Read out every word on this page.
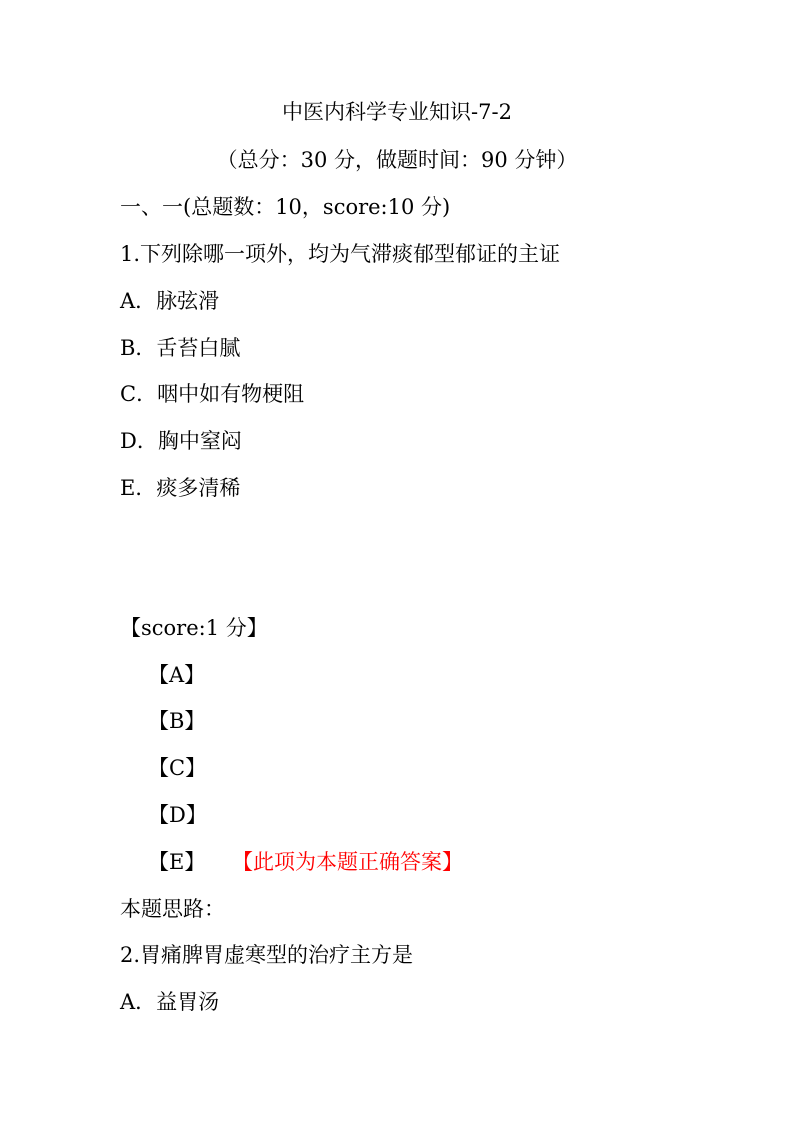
中医内科学专业知识-7-2
（总分：30 分，做题时间：90 分钟）
一、一(总题数：10，score:10 分)
1.下列除哪一项外，均为气滞痰郁型郁证的主证
A．脉弦滑
B．舌苔白腻
C．咽中如有物梗阻
D．胸中窒闷
E．痰多清稀
【score:1 分】
【A】
【B】
【C】
【D】
【E】 【此项为本题正确答案】
本题思路：
2.胃痛脾胃虚寒型的治疗主方是
A．益胃汤
